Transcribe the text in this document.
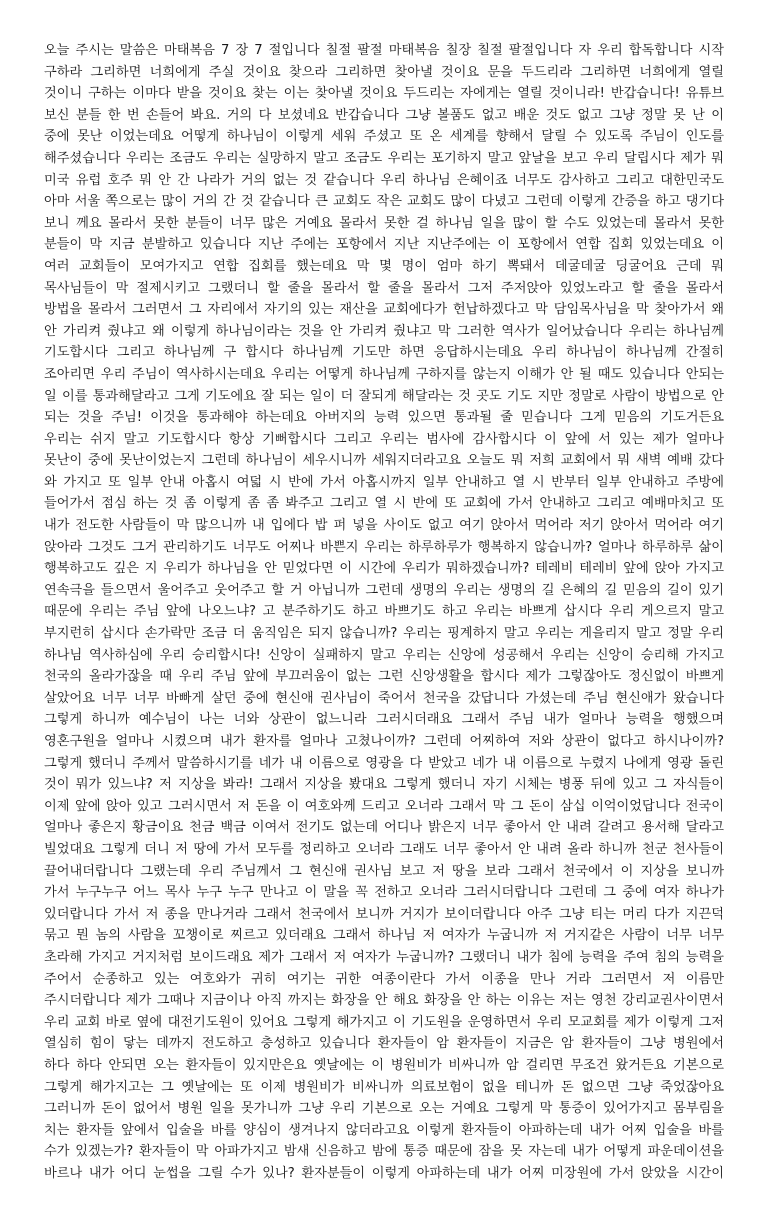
오늘 주시는 말씀은 마태복음 7 장 7 절입니다 칠절 팔절 마태복음 칠장 칠절 팔절입니다 자 우리 합독합니다 시작
구하라 그리하면 너희에게 주실 것이요 찾으라 그리하면 찾아낼 것이요 문을 두드리라 그리하면 너희에게 열릴
것이니 구하는 이마다 받을 것이요 찾는 이는 찾아낼 것이요 두드리는 자에게는 열릴 것이니라! 반갑습니다! 유튜브
보신 분들 한 번 손들어 봐요. 거의 다 보셨네요 반갑습니다 그냥 볼품도 없고 배운 것도 없고 그냥 정말 못 난 이
중에 못난 이었는데요 어떻게 하나님이 이렇게 세워 주셨고 또 온 세계를 향해서 달릴 수 있도록 주님이 인도를
해주셨습니다 우리는 조금도 우리는 실망하지 말고 조금도 우리는 포기하지 말고 앞날을 보고 우리 달립시다 제가 뭐
미국 유럽 호주 뭐 안 간 나라가 거의 없는 것 같습니다 우리 하나님 은혜이죠 너무도 감사하고 그리고 대한민국도
아마 서울 쪽으로는 많이 거의 간 것 같습니다 큰 교회도 작은 교회도 많이 다녔고 그런데 이렇게 간증을 하고 댕기다
보니 께요 몰라서 못한 분들이 너무 많은 거예요 몰라서 못한 걸 하나님 일을 많이 할 수도 있었는데 몰라서 못한
분들이 막 지금 분발하고 있습니다 지난 주에는 포항에서 지난 지난주에는 이 포항에서 연합 집회 있었는데요 이
여러 교회들이 모여가지고 연합 집회를 했는데요 막 몇 명이 엄마 하기 뽁돼서 데굴데굴 딩굴어요 근데 뭐
목사님들이 막 절제시키고 그랬더니 할 줄을 몰라서 할 줄을 몰라서 그저 주저앉아 있었노라고 할 줄을 몰라서
방법을 몰라서 그러면서 그 자리에서 자기의 있는 재산을 교회에다가 헌납하겠다고 막 담임목사님을 막 찾아가서 왜
안 가리켜 줬냐고 왜 이렇게 하나님이라는 것을 안 가리켜 줬냐고 막 그러한 역사가 일어났습니다 우리는 하나님께
기도합시다 그리고 하나님께 구 합시다 하나님께 기도만 하면 응답하시는데요 우리 하나님이 하나님께 간절히
조아리면 우리 주님이 역사하시는데요 우리는 어떻게 하나님께 구하지를 않는지 이해가 안 될 때도 있습니다 안되는
일 이를 통과해달라고 그게 기도에요 잘 되는 일이 더 잘되게 해달라는 것 곳도 기도 지만 정말로 사람이 방법으로 안
되는 것을 주님! 이것을 통과해야 하는데요 아버지의 능력 있으면 통과될 줄 믿습니다 그게 믿음의 기도거든요
우리는 쉬지 말고 기도합시다 항상 기뻐합시다 그리고 우리는 범사에 감사합시다 이 앞에 서 있는 제가 얼마나
못난이 중에 못난이었는지 그런데 하나님이 세우시니까 세워지더라고요 오늘도 뭐 저희 교회에서 뭐 새벽 예배 갔다
와 가지고 또 일부 안내 아홉시 여덟 시 반에 가서 아홉시까지 일부 안내하고 열 시 반부터 일부 안내하고 주방에
들어가서 점심 하는 것 좀 이렇게 좀 좀 봐주고 그리고 열 시 반에 또 교회에 가서 안내하고 그리고 예배마치고 또
내가 전도한 사람들이 막 많으니까 내 입에다 밥 퍼 넣을 사이도 없고 여기 앉아서 먹어라 저기 앉아서 먹어라 여기
앉아라 그것도 그거 관리하기도 너무도 어찌나 바쁜지 우리는 하루하루가 행복하지 않습니까? 얼마나 하루하루 삶이
행복하고도 깊은 지 우리가 하나님을 안 믿었다면 이 시간에 우리가 뭐하겠습니까? 테레비 테레비 앞에 앉아 가지고
연속극을 들으면서 울어주고 웃어주고 할 거 아닙니까 그런데 생명의 우리는 생명의 길 은혜의 길 믿음의 길이 있기
때문에 우리는 주님 앞에 나오느냐? 고 분주하기도 하고 바쁘기도 하고 우리는 바쁘게 삽시다 우리 게으르지 말고
부지런히 삽시다 손가락만 조금 더 움직임은 되지 않습니까? 우리는 핑계하지 말고 우리는 게을리지 말고 정말 우리
하나님 역사하심에 우리 승리합시다! 신앙이 실패하지 말고 우리는 신앙에 성공해서 우리는 신앙이 승리해 가지고
천국의 올라가잖을 때 우리 주님 앞에 부끄러움이 없는 그런 신앙생활을 합시다 제가 그렇잖아도 정신없이 바쁘게
살았어요 너무 너무 바빠게 살던 중에 현신애 권사님이 죽어서 천국을 갔답니다 가셨는데 주님 현신애가 왔습니다
그렇게 하니까 예수님이 나는 너와 상관이 없느니라 그러시더래요 그래서 주님 내가 얼마나 능력을 행했으며
영혼구원을 얼마나 시켰으며 내가 환자를 얼마나 고쳤나이까? 그런데 어찌하여 저와 상관이 없다고 하시나이까?
그렇게 했더니 주께서 말씀하시기를 네가 내 이름으로 영광을 다 받았고 네가 내 이름으로 누렸지 나에게 영광 돌린
것이 뭐가 있느냐? 저 지상을 봐라! 그래서 지상을 봤대요 그렇게 했더니 자기 시체는 병풍 뒤에 있고 그 자식들이
이제 앞에 앉아 있고 그러시면서 저 돈을 이 여호와께 드리고 오너라 그래서 막 그 돈이 삼십 이억이었답니다 전국이
얼마나 좋은지 황금이요 천금 백금 이여서 전기도 없는데 어디나 밝은지 너무 좋아서 안 내려 갈려고 용서해 달라고
빌었대요 그렇게 더니 저 땅에 가서 모두를 정리하고 오너라 그래도 너무 좋아서 안 내려 올라 하니까 천군 천사들이
끌어내더랍니다 그랬는데 우리 주님께서 그 현신애 권사님 보고 저 땅을 보라 그래서 천국에서 이 지상을 보니까
가서 누구누구 어느 목사 누구 누구 만나고 이 말을 꼭 전하고 오너라 그러시더랍니다 그런데 그 중에 여자 하나가
있더랍니다 가서 저 종을 만나거라 그래서 천국에서 보니까 거지가 보이더랍니다 아주 그냥 티는 머리 다가 지끈덕
묶고 뭔 놈의 사람을 꼬챙이로 찌르고 있더래요 그래서 하나님 저 여자가 누굽니까 저 거지같은 사람이 너무 너무
초라해 가지고 거지처럼 보이드래요 제가 그래서 저 여자가 누굽니까? 그랬더니 내가 침에 능력을 주여 침의 능력을
주어서 순종하고 있는 여호와가 귀히 여기는 귀한 여종이란다 가서 이종을 만나 거라 그러면서 저 이름만
주시더랍니다 제가 그때나 지금이나 아직 까지는 화장을 안 해요 화장을 안 하는 이유는 저는 영천 강리교권사이면서
우리 교회 바로 옆에 대전기도원이 있어요 그렇게 해가지고 이 기도원을 운영하면서 우리 모교회를 제가 이렇게 그저
열심히 힘이 닿는 데까지 전도하고 충성하고 있습니다 환자들이 암 환자들이 지금은 암 환자들이 그냥 병원에서
하다 하다 안되면 오는 환자들이 있지만은요 옛날에는 이 병원비가 비싸니까 암 걸리면 무조건 왔거든요 기본으로
그렇게 해가지고는 그 옛날에는 또 이제 병원비가 비싸니까 의료보험이 없을 테니까 돈 없으면 그냥 죽었잖아요
그러니까 돈이 없어서 병원 일을 못가니까 그냥 우리 기본으로 오는 거예요 그렇게 막 통증이 있어가지고 몸부림을
치는 환자들 앞에서 입술을 바를 양심이 생겨나지 않더라고요 이렇게 환자들이 아파하는데 내가 어찌 입술을 바를
수가 있겠는가? 환자들이 막 아파가지고 밤새 신음하고 밤에 통증 때문에 잠을 못 자는데 내가 어떻게 파운데이션을
바르나 내가 어디 눈썹을 그릴 수가 있나? 환자분들이 이렇게 아파하는데 내가 어찌 미장원에 가서 앉았을 시간이
